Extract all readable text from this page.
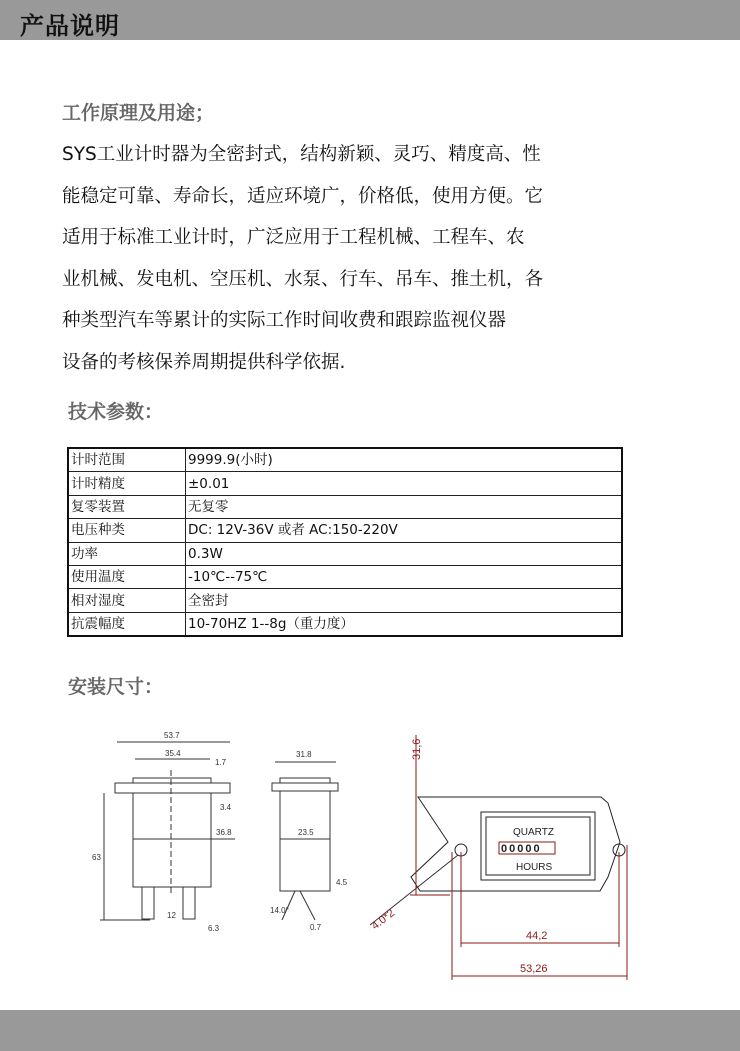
产品说明
工作原理及用途；
SYS工业计时器为全密封式，结构新颖、灵巧、精度高、性
能稳定可靠、寿命长，适应环境广，价格低，使用方便。它
适用于标准工业计时，广泛应用于工程机械、工程车、农
业机械、发电机、空压机、水泵、行车、吊车、推土机，各
种类型汽车等累计的实际工作时间收费和跟踪监视仪器
设备的考核保养周期提供科学依据.
技术参数：
计时范围	9999.9(小时)
计时精度	±0.01
复零装置	无复零
电压种类	DC: 12V-36V 或者 AC:150-220V
功率	0.3W
使用温度	-10℃--75℃
相对湿度	全密封
抗震幅度	10-70HZ 1--8g（重力度）
安装尺寸：
53.7
35.4
1.7
3.4
63
36.8
12
6.3
31.8
23.5
4.5
14.0°
0.7
QUARTZ
00000
HOURS
31,6
4.0*2
44,2
53,26
